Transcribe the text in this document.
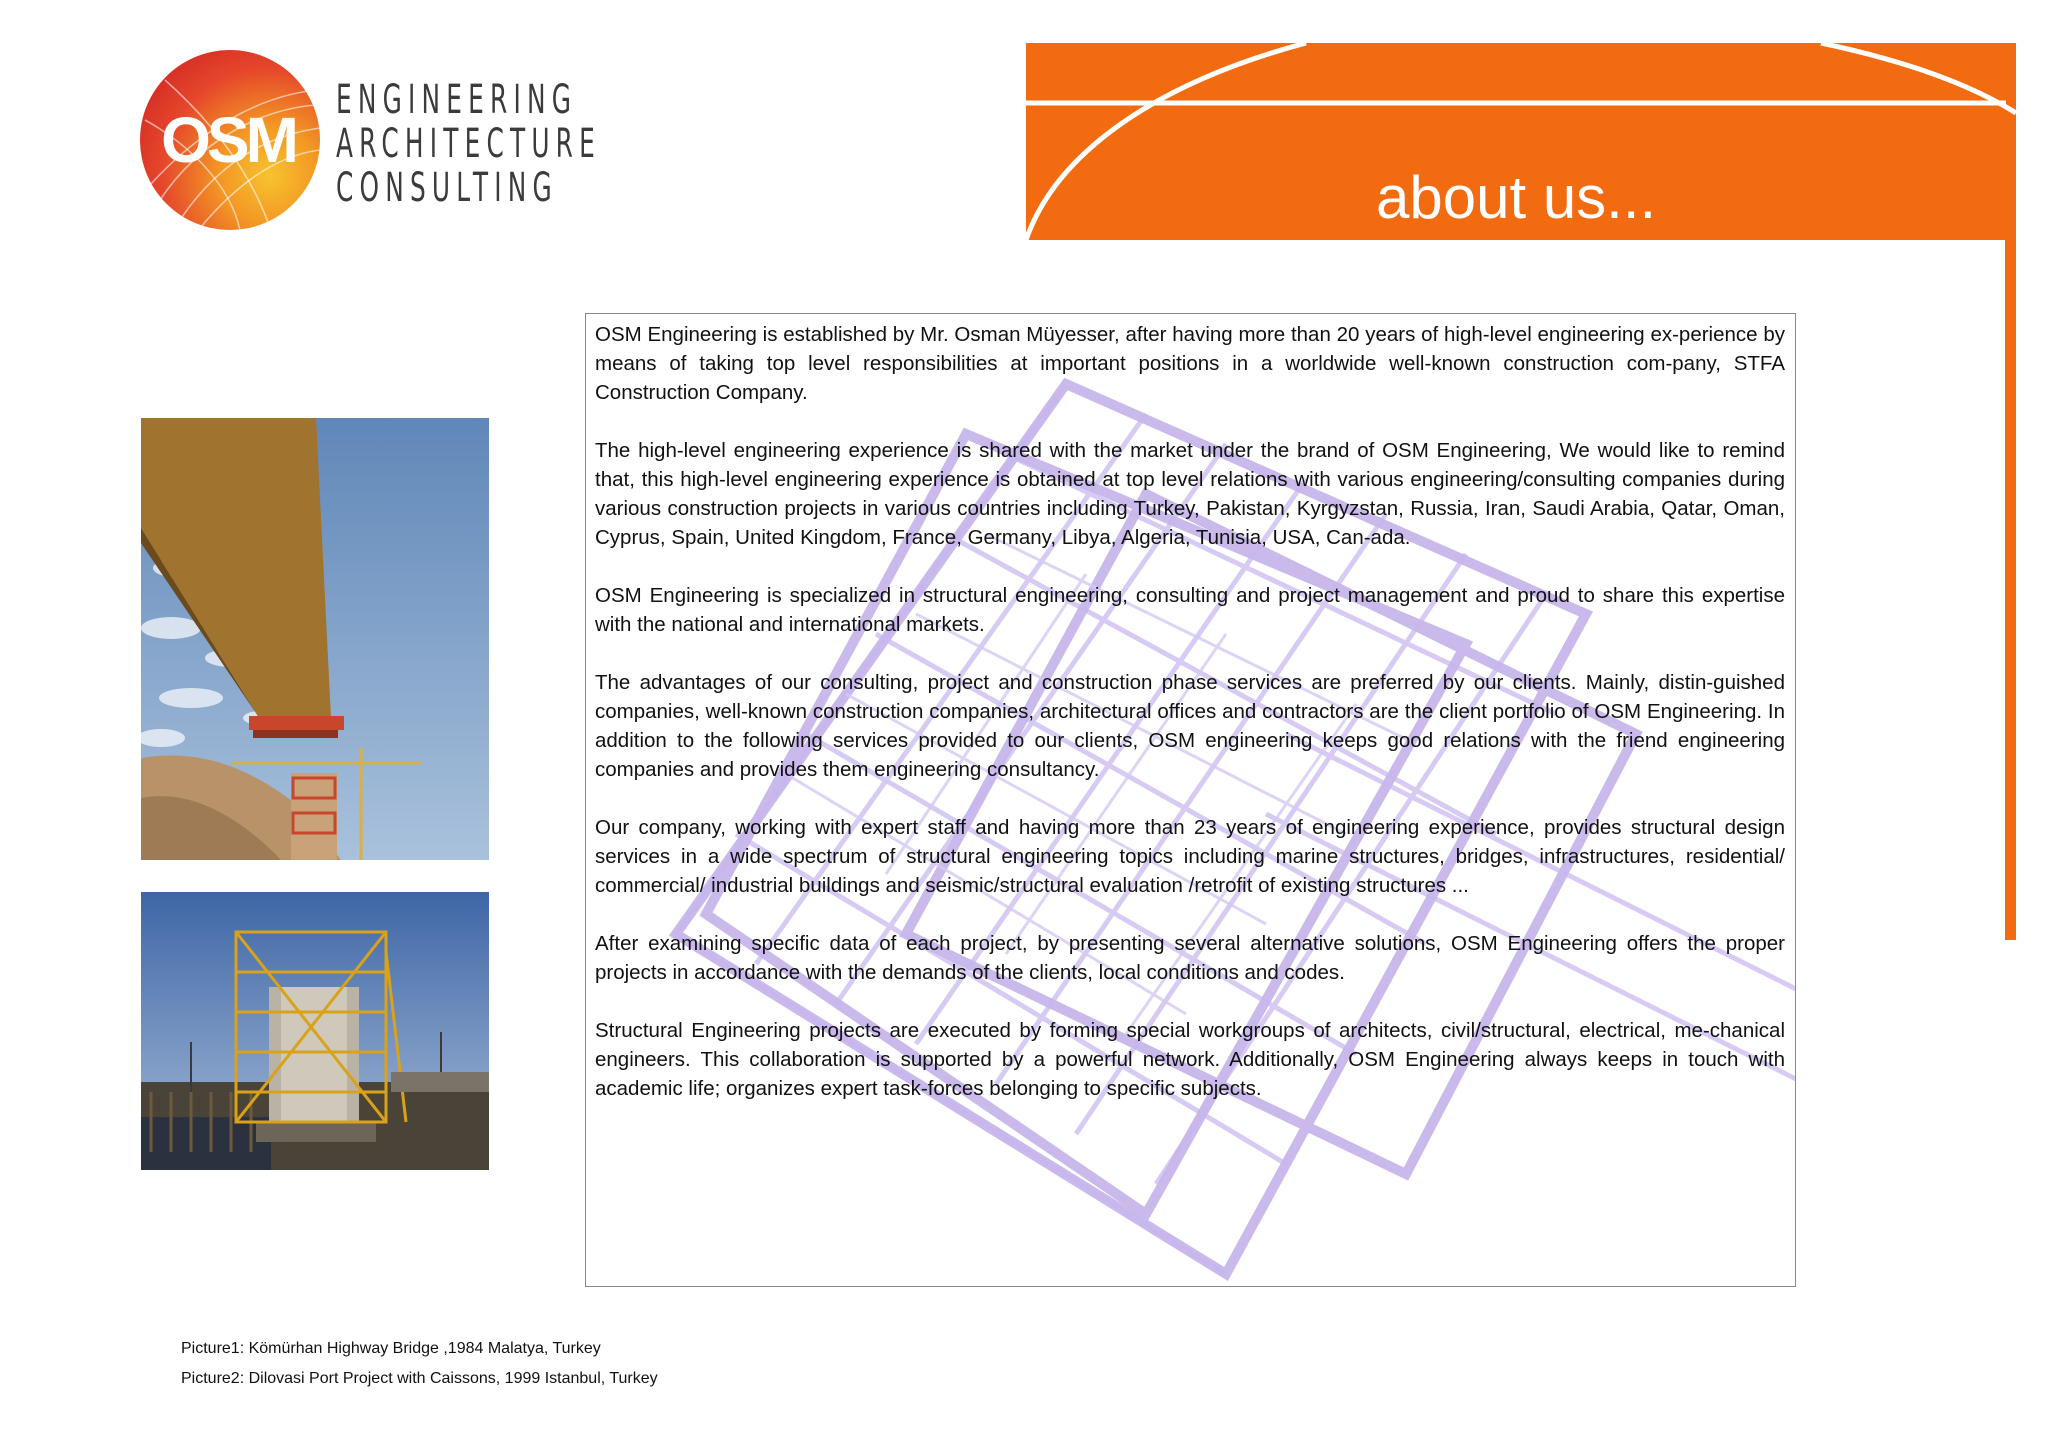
OSM
ENGINEERING
ARCHITECTURE
CONSULTING	about us...

OSM Engineering is established by Mr. Osman Müyesser, after having more than 20 years of high-level engineering ex-perience by means of taking top level responsibilities at important positions in a worldwide well-known construction com-pany, STFA Construction Company.

The high-level engineering experience is shared with the market under the brand of OSM Engineering, We would like to remind that, this high-level engineering experience is obtained at top level relations with various engineering/consulting companies during various construction projects in various countries including Turkey, Pakistan, Kyrgyzstan, Russia, Iran, Saudi Arabia, Qatar, Oman, Cyprus, Spain, United Kingdom, France, Germany, Libya, Algeria, Tunisia, USA, Can-ada.

OSM Engineering is specialized in structural engineering, consulting and project management and proud to share this expertise with the national and international markets.

The advantages of our consulting, project and construction phase services are preferred by our clients. Mainly, distin-guished companies, well-known construction companies, architectural offices and contractors are the client portfolio of OSM Engineering. In addition to the following services provided to our clients, OSM engineering keeps good relations with the friend engineering companies and provides them engineering consultancy.

Our company, working with expert staff and having more than 23 years of engineering experience, provides structural design services in a wide spectrum of structural engineering topics including marine structures, bridges, infrastructures, residential/ commercial/ industrial buildings and seismic/structural evaluation /retrofit of existing structures ...

After examining specific data of each project, by presenting several alternative solutions, OSM Engineering offers the proper projects in accordance with the demands of the clients, local conditions and codes.

Structural Engineering projects are executed by forming special workgroups of architects, civil/structural, electrical, me-chanical engineers. This collaboration is supported by a powerful network. Additionally, OSM Engineering always keeps in touch with academic life; organizes expert task-forces belonging to specific subjects.

Picture1: Kömürhan Highway Bridge ,1984 Malatya, Turkey
Picture2: Dilovasi Port Project with Caissons, 1999 Istanbul, Turkey
